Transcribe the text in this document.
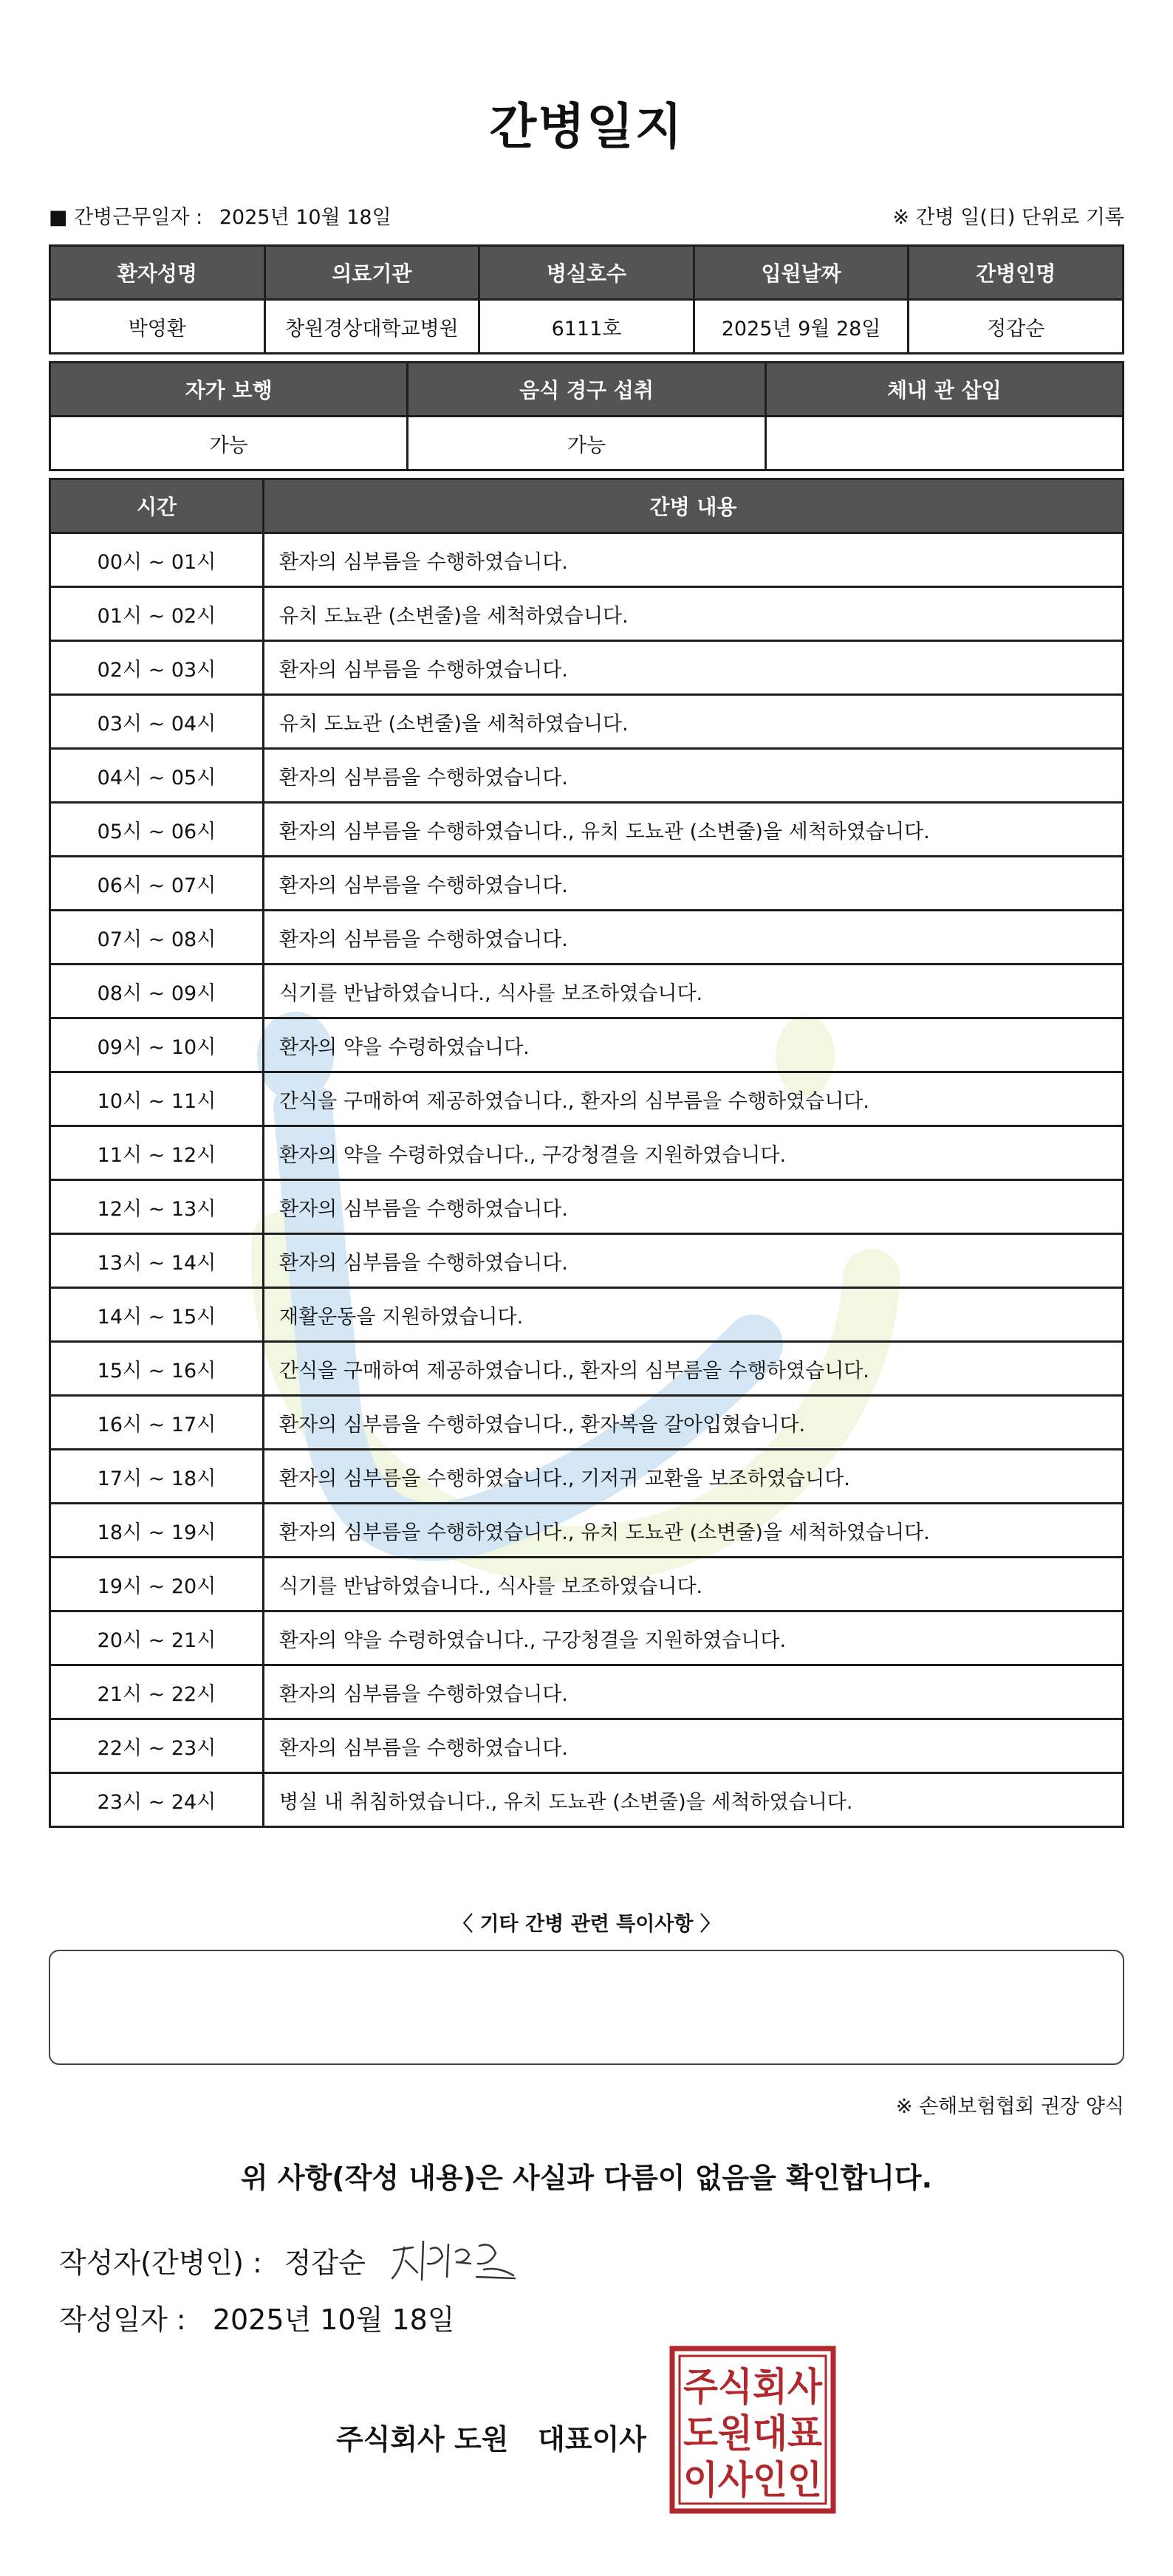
간병일지
■ 간병근무일자 : 2025년 10월 18일	※ 간병 일(日) 단위로 기록
환자성명	의료기관	병실호수	입원날짜	간병인명
박영환	창원경상대학교병원	6111호	2025년 9월 28일	정갑순
자가 보행	음식 경구 섭취	체내 관 삽입
가능	가능	
시간	간병 내용
00시 ~ 01시	환자의 심부름을 수행하였습니다.
01시 ~ 02시	유치 도뇨관 (소변줄)을 세척하였습니다.
02시 ~ 03시	환자의 심부름을 수행하였습니다.
03시 ~ 04시	유치 도뇨관 (소변줄)을 세척하였습니다.
04시 ~ 05시	환자의 심부름을 수행하였습니다.
05시 ~ 06시	환자의 심부름을 수행하였습니다., 유치 도뇨관 (소변줄)을 세척하였습니다.
06시 ~ 07시	환자의 심부름을 수행하였습니다.
07시 ~ 08시	환자의 심부름을 수행하였습니다.
08시 ~ 09시	식기를 반납하였습니다., 식사를 보조하였습니다.
09시 ~ 10시	환자의 약을 수령하였습니다.
10시 ~ 11시	간식을 구매하여 제공하였습니다., 환자의 심부름을 수행하였습니다.
11시 ~ 12시	환자의 약을 수령하였습니다., 구강청결을 지원하였습니다.
12시 ~ 13시	환자의 심부름을 수행하였습니다.
13시 ~ 14시	환자의 심부름을 수행하였습니다.
14시 ~ 15시	재활운동을 지원하였습니다.
15시 ~ 16시	간식을 구매하여 제공하였습니다., 환자의 심부름을 수행하였습니다.
16시 ~ 17시	환자의 심부름을 수행하였습니다., 환자복을 갈아입혔습니다.
17시 ~ 18시	환자의 심부름을 수행하였습니다., 기저귀 교환을 보조하였습니다.
18시 ~ 19시	환자의 심부름을 수행하였습니다., 유치 도뇨관 (소변줄)을 세척하였습니다.
19시 ~ 20시	식기를 반납하였습니다., 식사를 보조하였습니다.
20시 ~ 21시	환자의 약을 수령하였습니다., 구강청결을 지원하였습니다.
21시 ~ 22시	환자의 심부름을 수행하였습니다.
22시 ~ 23시	환자의 심부름을 수행하였습니다.
23시 ~ 24시	병실 내 취침하였습니다., 유치 도뇨관 (소변줄)을 세척하였습니다.
〈 기타 간병 관련 특이사항 〉
※ 손해보험협회 권장 양식
위 사항(작성 내용)은 사실과 다름이 없음을 확인합니다.
작성자(간병인) : 정갑순
작성일자 : 2025년 10월 18일
주식회사 도원   대표이사
주식회사
도원대표
이사인인
